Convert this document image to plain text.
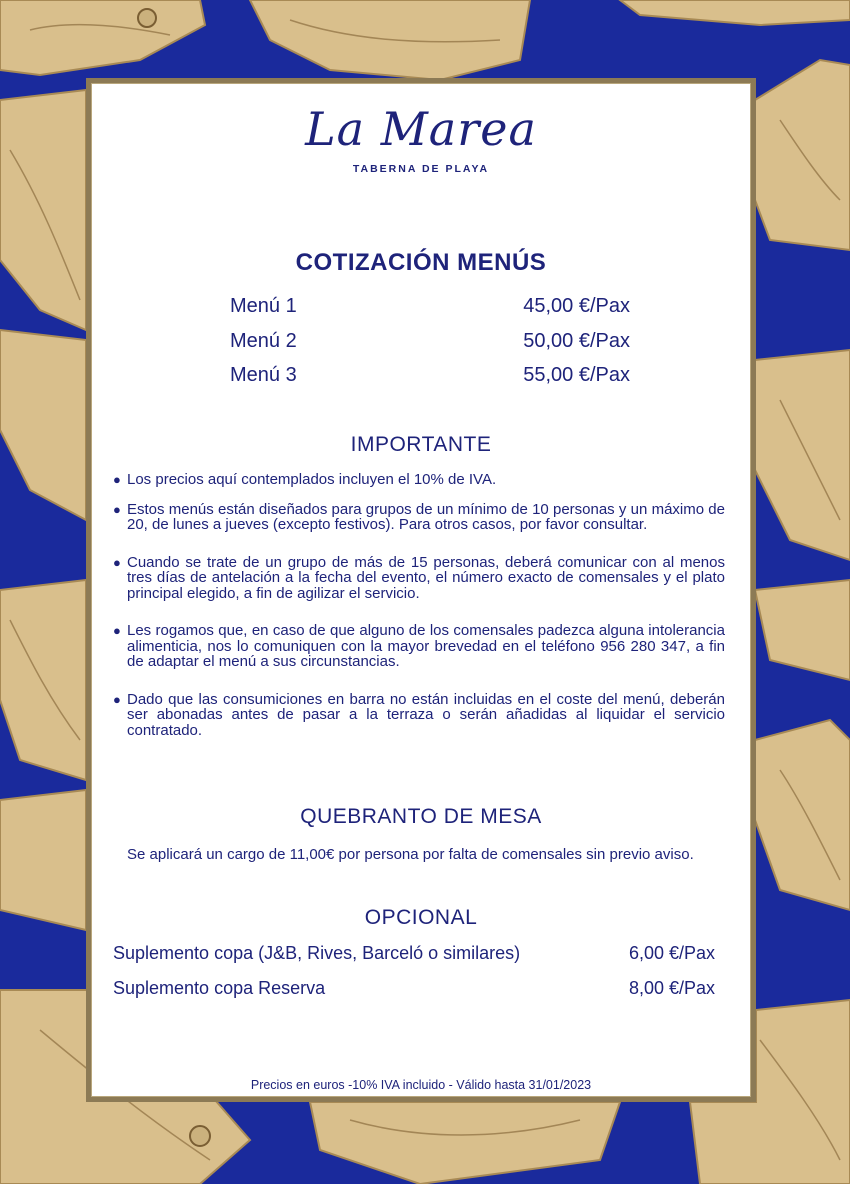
La Marea
TABERNA DE PLAYA
COTIZACIÓN MENÚS
Menú 1	45,00 €/Pax
Menú 2	50,00 €/Pax
Menú 3	55,00 €/Pax
IMPORTANTE
● Los precios aquí contemplados incluyen el 10% de IVA.
● Estos menús están diseñados para grupos de un mínimo de 10 personas y un máximo de 20, de lunes a jueves (excepto festivos). Para otros casos, por favor consultar.
● Cuando se trate de un grupo de más de 15 personas, deberá comunicar con al menos tres días de antelación a la fecha del evento, el número exacto de comensales y el plato principal elegido, a fin de agilizar el servicio.
● Les rogamos que, en caso de que alguno de los comensales padezca alguna intolerancia alimenticia, nos lo comuniquen con la mayor brevedad en el teléfono 956 280 347, a fin de adaptar el menú a sus circunstancias.
● Dado que las consumiciones en barra no están incluidas en el coste del menú, deberán ser abonadas antes de pasar a la terraza o serán añadidas al liquidar el servicio contratado.
QUEBRANTO DE MESA
Se aplicará un cargo de 11,00€ por persona por falta de comensales sin previo aviso.
OPCIONAL
Suplemento copa (J&B, Rives, Barceló o similares)	6,00 €/Pax
Suplemento copa Reserva	8,00 €/Pax
Precios en euros -10% IVA incluido - Válido hasta 31/01/2023
